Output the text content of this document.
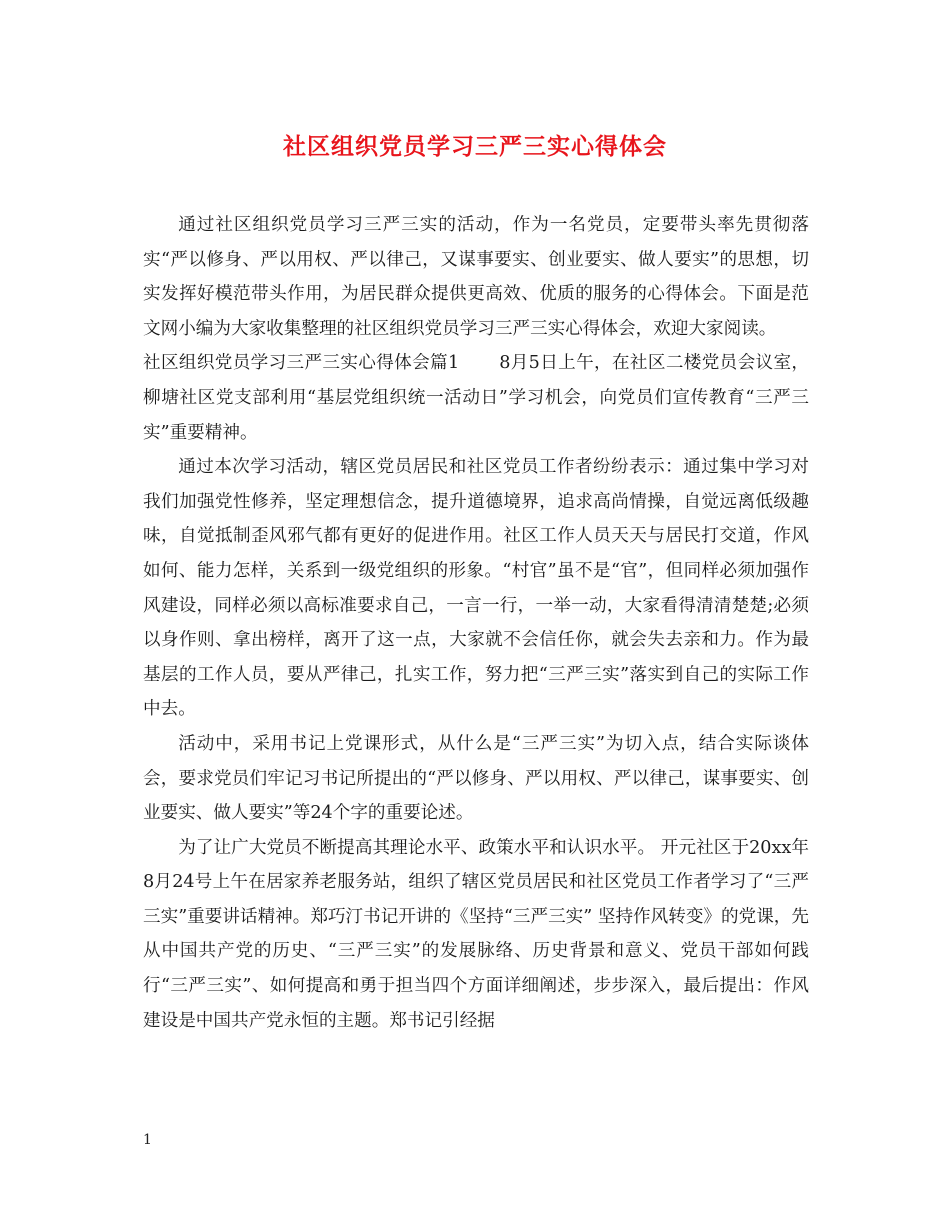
社区组织党员学习三严三实心得体会

通过社区组织党员学习三严三实的活动，作为一名党员，定要带头率先贯彻落实“严以修身、严以用权、严以律己，又谋事要实、创业要实、做人要实”的思想，切实发挥好模范带头作用，为居民群众提供更高效、优质的服务的心得体会。下面是范文网小编为大家收集整理的社区组织党员学习三严三实心得体会，欢迎大家阅读。

社区组织党员学习三严三实心得体会篇1 8月5日上午，在社区二楼党员会议室，柳塘社区党支部利用“基层党组织统一活动日”学习机会，向党员们宣传教育“三严三实”重要精神。

通过本次学习活动，辖区党员居民和社区党员工作者纷纷表示：通过集中学习对我们加强党性修养，坚定理想信念，提升道德境界，追求高尚情操，自觉远离低级趣味，自觉抵制歪风邪气都有更好的促进作用。社区工作人员天天与居民打交道，作风如何、能力怎样，关系到一级党组织的形象。“村官”虽不是“官”，但同样必须加强作风建设，同样必须以高标准要求自己，一言一行，一举一动，大家看得清清楚楚;必须以身作则、拿出榜样，离开了这一点，大家就不会信任你，就会失去亲和力。作为最基层的工作人员，要从严律己，扎实工作，努力把“三严三实”落实到自己的实际工作中去。

活动中，采用书记上党课形式，从什么是“三严三实”为切入点，结合实际谈体会，要求党员们牢记习书记所提出的“严以修身、严以用权、严以律己，谋事要实、创业要实、做人要实”等24个字的重要论述。

为了让广大党员不断提高其理论水平、政策水平和认识水平。 开元社区于20xx年8月24号上午在居家养老服务站，组织了辖区党员居民和社区党员工作者学习了“三严三实”重要讲话精神。郑巧汀书记开讲的《坚持“三严三实” 坚持作风转变》的党课，先从中国共产党的历史、“三严三实”的发展脉络、历史背景和意义、党员干部如何践行“三严三实”、如何提高和勇于担当四个方面详细阐述，步步深入，最后提出：作风建设是中国共产党永恒的主题。郑书记引经据

1
